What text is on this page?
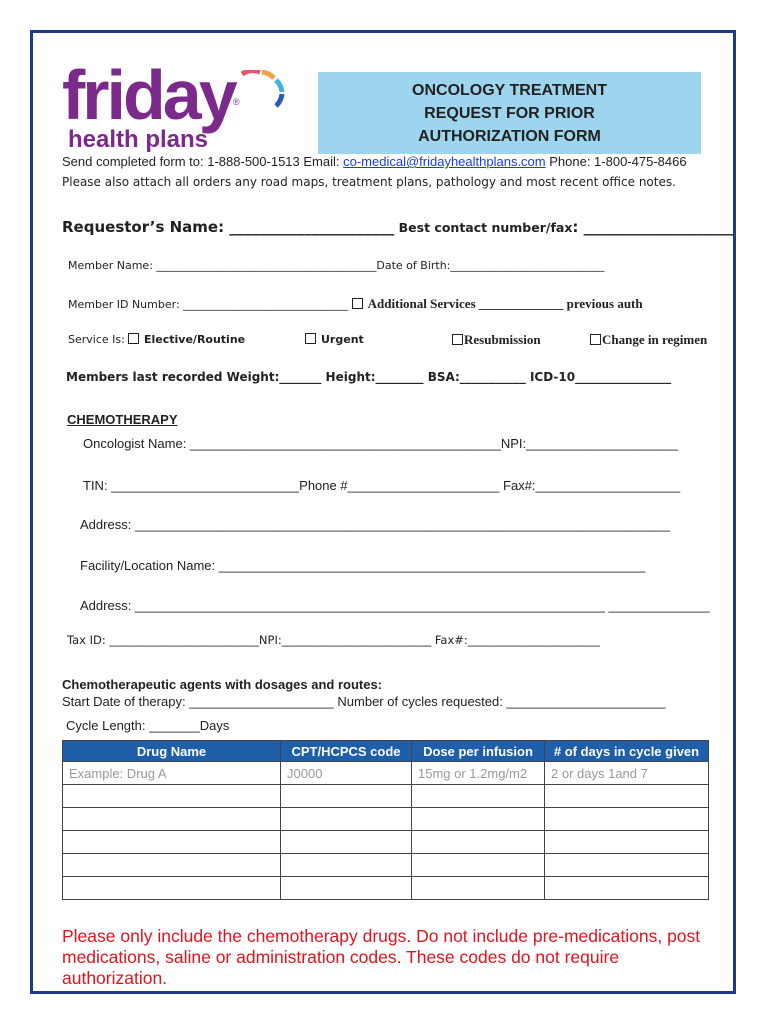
friday
®
health plans
ONCOLOGY TREATMENT
REQUEST FOR PRIOR
AUTHORIZATION FORM
Send completed form to: 1-888-500-1513 Email: co-medical@fridayhealthplans.com Phone: 1-800-475-8466
Please also attach all orders any road maps, treatment plans, pathology and most recent office notes.
Requestor’s Name: ______________________ Best contact number/fax: ____________________
Member Name: ________________________________________Date of Birth:____________________________
Member ID Number: ______________________________ Additional Services _____________ previous auth
Service Is:	Elective/Routine	Urgent	Resubmission	Change in regimen
Members last recorded Weight:_______ Height:________ BSA:___________ ICD-10________________
CHEMOTHERAPY
Oncologist Name: ___________________________________________NPI:_____________________
TIN: __________________________Phone #_____________________ Fax#:____________________
Address: __________________________________________________________________________
Facility/Location Name: ___________________________________________________________
Address: _________________________________________________________________ ______________
Tax ID: __________________________NPI:__________________________ Fax#:_______________________
Chemotherapeutic agents with dosages and routes:
Start Date of therapy: ____________________ Number of cycles requested: ______________________
Cycle Length: _______Days
Drug Name	CPT/HCPCS code	Dose per infusion	# of days in cycle given
Example: Drug A	J0000	15mg or 1.2mg/m2	2 or days 1and 7

Please only include the chemotherapy drugs. Do not include pre-medications, post medications, saline or administration codes. These codes do not require authorization.
